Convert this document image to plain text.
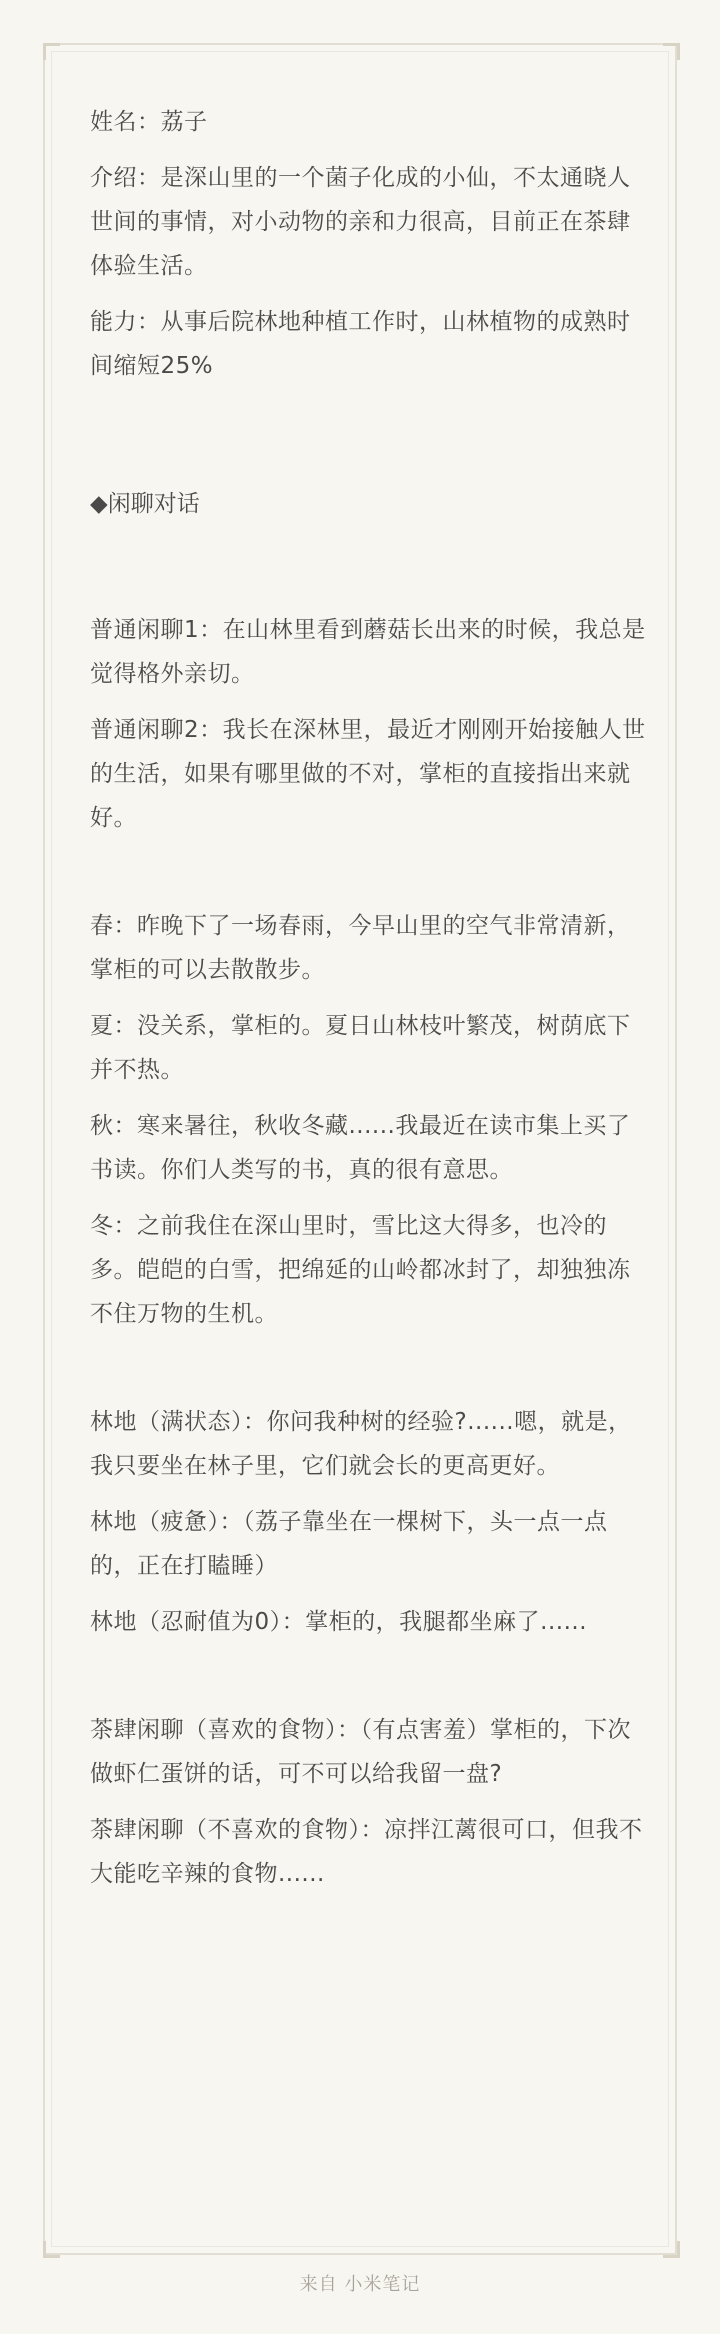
姓名：荔子

介绍：是深山里的一个菌子化成的小仙，不太通晓人世间的事情，对小动物的亲和力很高，目前正在茶肆体验生活。

能力：从事后院林地种植工作时，山林植物的成熟时间缩短25%

◆闲聊对话

普通闲聊1：在山林里看到蘑菇长出来的时候，我总是觉得格外亲切。

普通闲聊2：我长在深林里，最近才刚刚开始接触人世的生活，如果有哪里做的不对，掌柜的直接指出来就好。

春：昨晚下了一场春雨，今早山里的空气非常清新，掌柜的可以去散散步。

夏：没关系，掌柜的。夏日山林枝叶繁茂，树荫底下并不热。

秋：寒来暑往，秋收冬藏......我最近在读市集上买了书读。你们人类写的书，真的很有意思。

冬：之前我住在深山里时，雪比这大得多，也冷的多。皑皑的白雪，把绵延的山岭都冰封了，却独独冻不住万物的生机。

林地（满状态）：你问我种树的经验?......嗯，就是，我只要坐在林子里，它们就会长的更高更好。

林地（疲惫）：（荔子靠坐在一棵树下，头一点一点的，正在打瞌睡）

林地（忍耐值为0）：掌柜的，我腿都坐麻了......

茶肆闲聊（喜欢的食物）：（有点害羞）掌柜的，下次做虾仁蛋饼的话，可不可以给我留一盘?

茶肆闲聊（不喜欢的食物）：凉拌江蓠很可口，但我不大能吃辛辣的食物......

来自 小米笔记
